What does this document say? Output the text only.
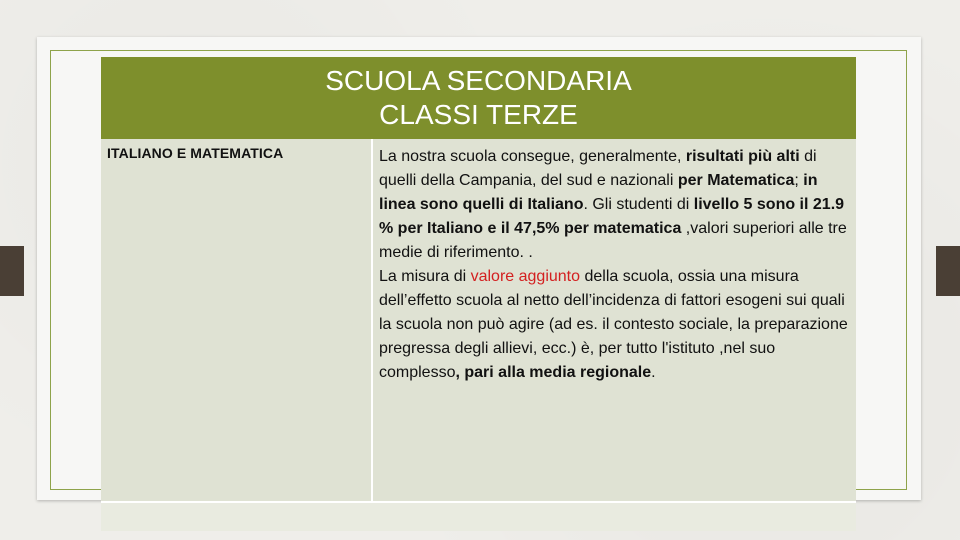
SCUOLA SECONDARIA
CLASSI TERZE
ITALIANO E MATEMATICA	La nostra scuola consegue, generalmente, risultati più alti di quelli della Campania, del sud e nazionali per Matematica; in linea sono quelli di Italiano. Gli studenti di livello 5 sono il 21.9 % per Italiano e il 47,5% per matematica ,valori superiori alle tre medie di riferimento. .

La misura di valore aggiunto della scuola, ossia una misura dell’effetto scuola al netto dell’incidenza di fattori esogeni sui quali la scuola non può agire (ad es. il contesto sociale, la preparazione pregressa degli allievi, ecc.) è, per tutto l'istituto ,nel suo complesso, pari alla media regionale.
